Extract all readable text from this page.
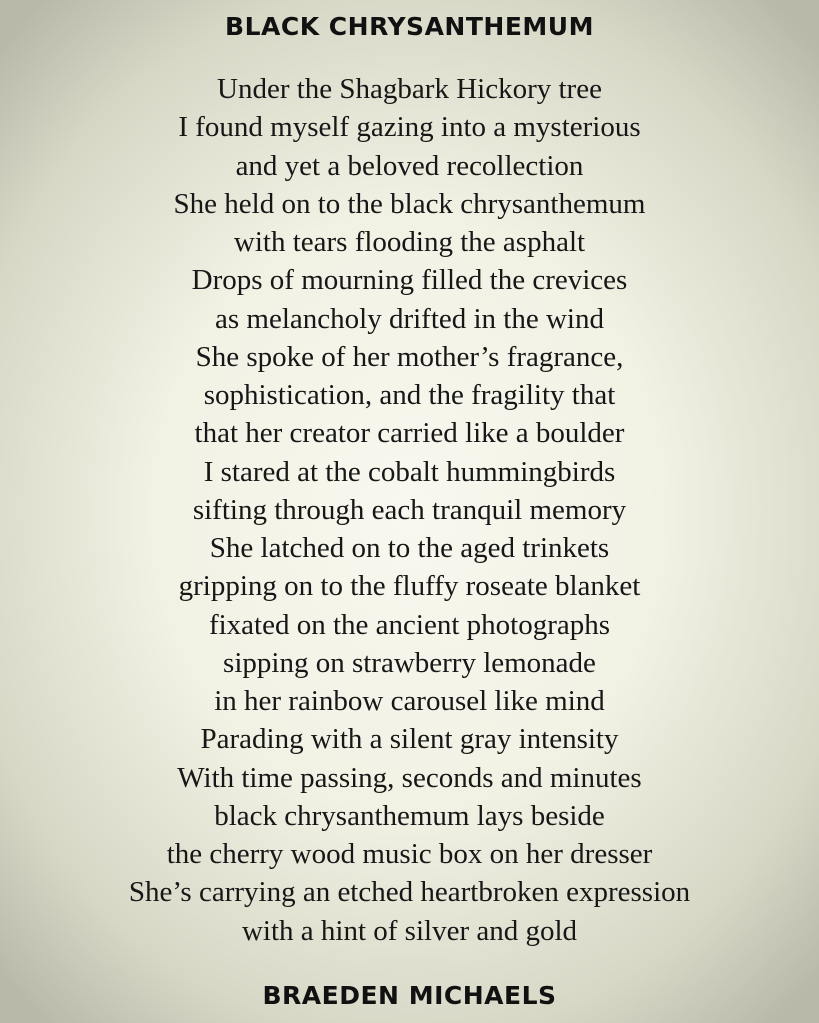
BLACK CHRYSANTHEMUM
Under the Shagbark Hickory tree
I found myself gazing into a mysterious
and yet a beloved recollection
She held on to the black chrysanthemum
with tears flooding the asphalt
Drops of mourning filled the crevices
as melancholy drifted in the wind
She spoke of her mother’s fragrance,
sophistication, and the fragility that
that her creator carried like a boulder
I stared at the cobalt hummingbirds
sifting through each tranquil memory
She latched on to the aged trinkets
gripping on to the fluffy roseate blanket
fixated on the ancient photographs
sipping on strawberry lemonade
in her rainbow carousel like mind
Parading with a silent gray intensity
With time passing, seconds and minutes
black chrysanthemum lays beside
the cherry wood music box on her dresser
She’s carrying an etched heartbroken expression
with a hint of silver and gold
BRAEDEN MICHAELS
